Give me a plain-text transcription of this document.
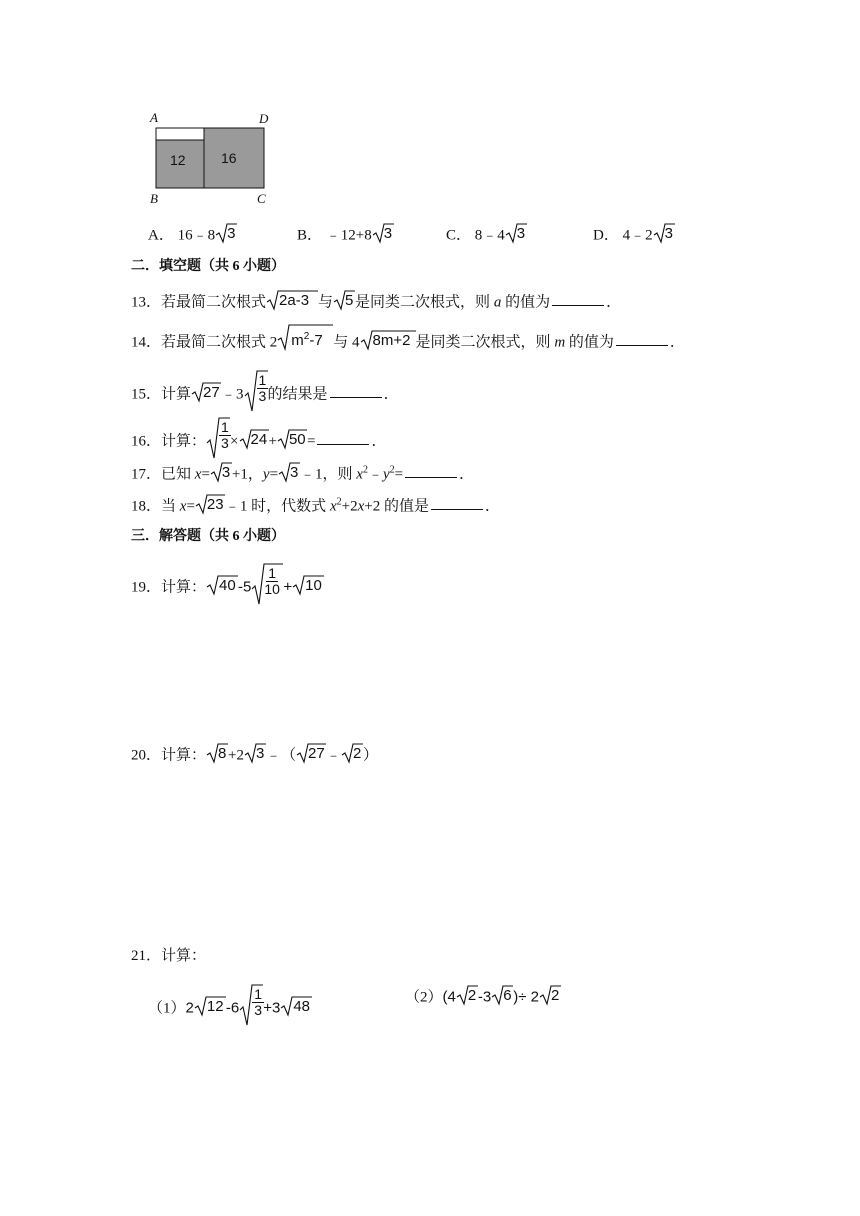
A	D
B	C
12	16
A． 16﹣8 3	B． ﹣12+8 3	C． 8﹣4 3	D． 4﹣2 3
二．填空题（共 6 小题）
13．若最简二次根式 2a-3 与 5 是同类二次根式，则 a 的值为	．
14．若最简二次根式 2 $m^2-7$ 与 4 8m+2 是同类二次根式，则 m 的值为	．
15．计算 27 ﹣3 $\frac{1}{3}$ 的结果是	．
16．计算： $\frac{1}{3} \times 24 + 50$ =	．
17．已知 x= 3 +1，y= 3 ﹣1，则 $x^2﹣y^2=$	．
18．当 x= 23 ﹣1 时，代数式 $x^2+2x+2$ 的值是	．
三．解答题（共 6 小题）
19．计算： 40 $-5 \frac{1}{10} + 10$
20．计算： 8 +2 3 ﹣（ 27 ﹣ 2 ）
21．计算：
（1）2 12 $-6 \frac{1}{3} +3$ 48
（2）(4 2 -3 6 )÷ 2 2
